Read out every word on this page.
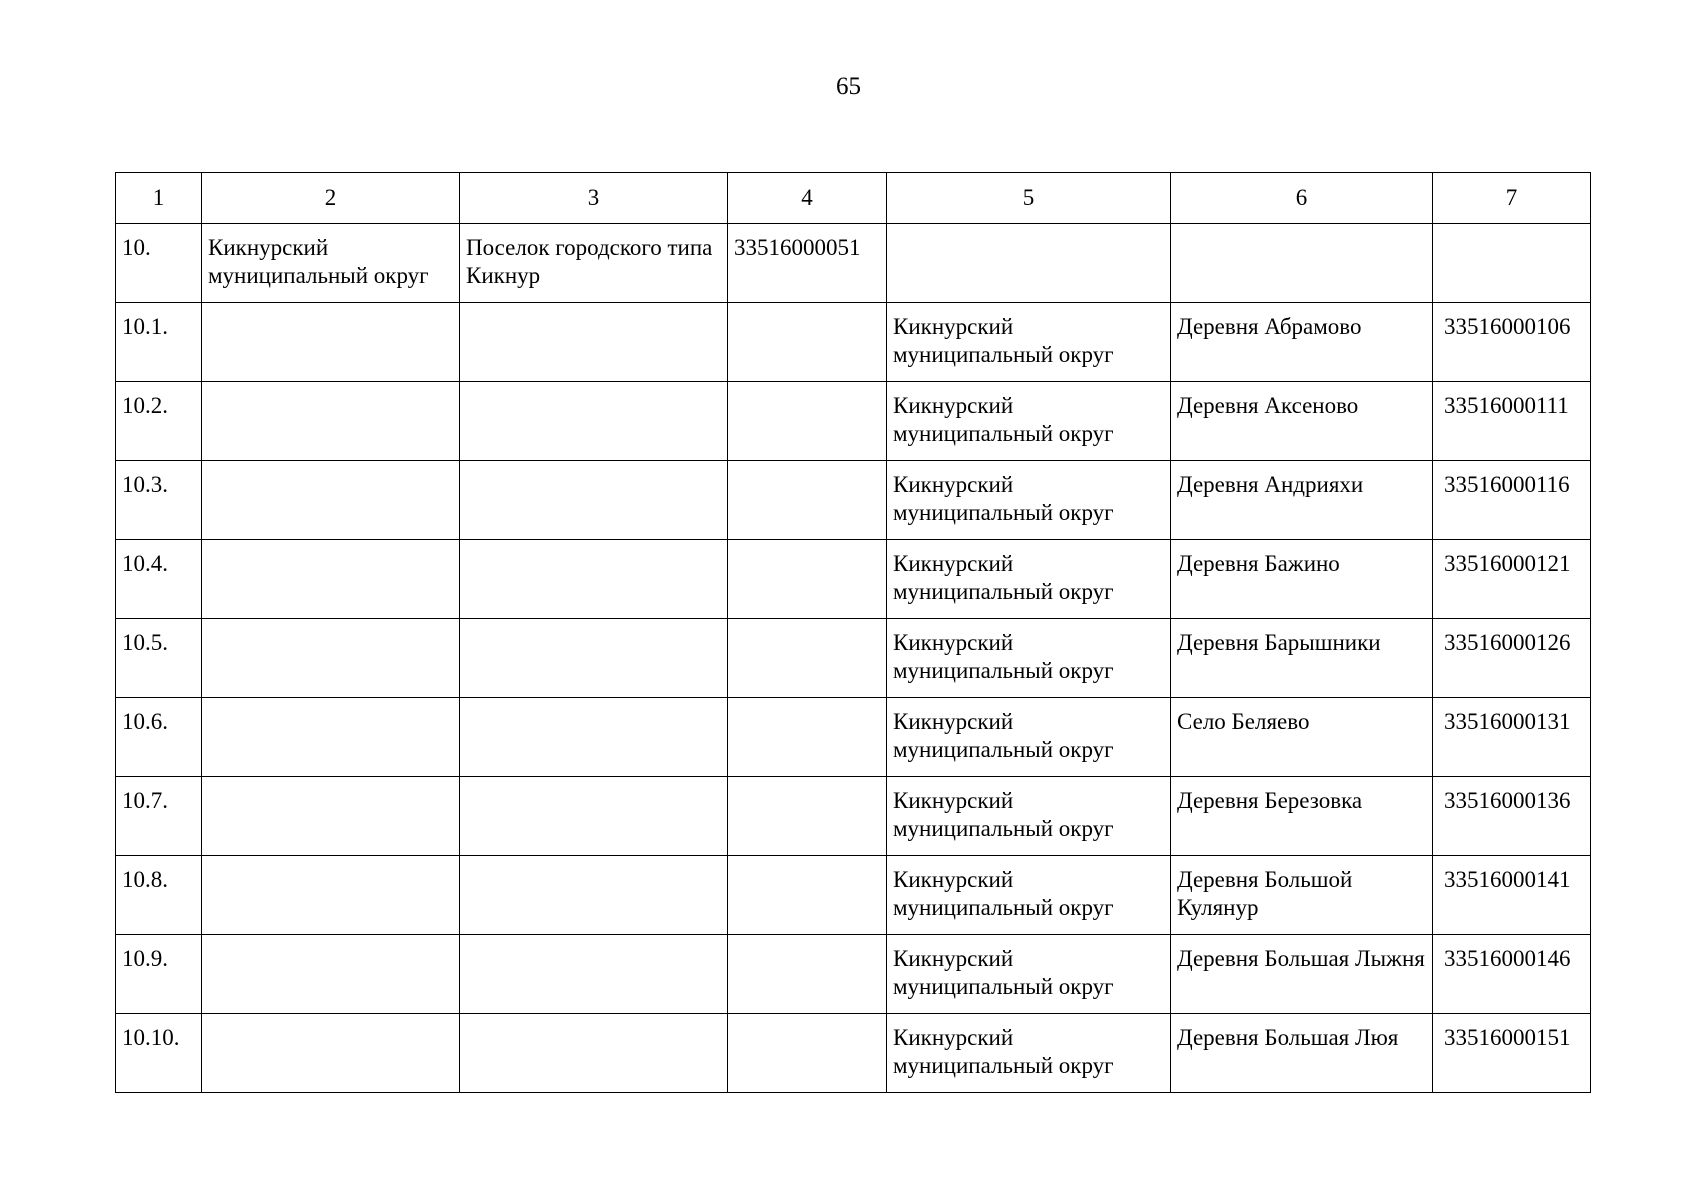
65
1	2	3	4	5	6	7
10.	Кикнурский муниципальный округ	Поселок городского типа Кикнур	33516000051			
10.1.				Кикнурский муниципальный округ	Деревня Абрамово	33516000106
10.2.				Кикнурский муниципальный округ	Деревня Аксеново	33516000111
10.3.				Кикнурский муниципальный округ	Деревня Андрияхи	33516000116
10.4.				Кикнурский муниципальный округ	Деревня Бажино	33516000121
10.5.				Кикнурский муниципальный округ	Деревня Барышники	33516000126
10.6.				Кикнурский муниципальный округ	Село Беляево	33516000131
10.7.				Кикнурский муниципальный округ	Деревня Березовка	33516000136
10.8.				Кикнурский муниципальный округ	Деревня Большой Кулянур	33516000141
10.9.				Кикнурский муниципальный округ	Деревня Большая Лыжня	33516000146
10.10.				Кикнурский муниципальный округ	Деревня Большая Люя	33516000151
